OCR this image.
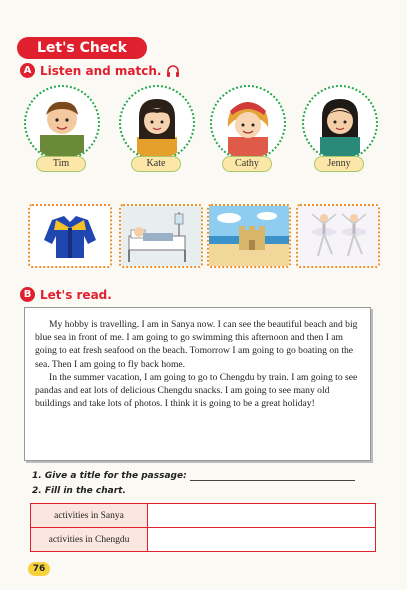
Let's Check
A Listen and match.
Tim	Kate	Cathy	Jenny
B Let's read.

My hobby is travelling. I am in Sanya now. I can see the beautiful beach and big blue sea in front of me. I am going to go swimming this afternoon and then I am going to eat fresh seafood on the beach. Tomorrow I am going to go boating on the sea. Then I am going to fly back home.

In the summer vacation, I am going to go to Chengdu by train. I am going to see pandas and eat lots of delicious Chengdu snacks. I am going to see many old buildings and take lots of photos. I think it is going to be a great holiday!

1. Give a title for the passage:
2. Fill in the chart.
activities in Sanya	
activities in Chengdu	
76
